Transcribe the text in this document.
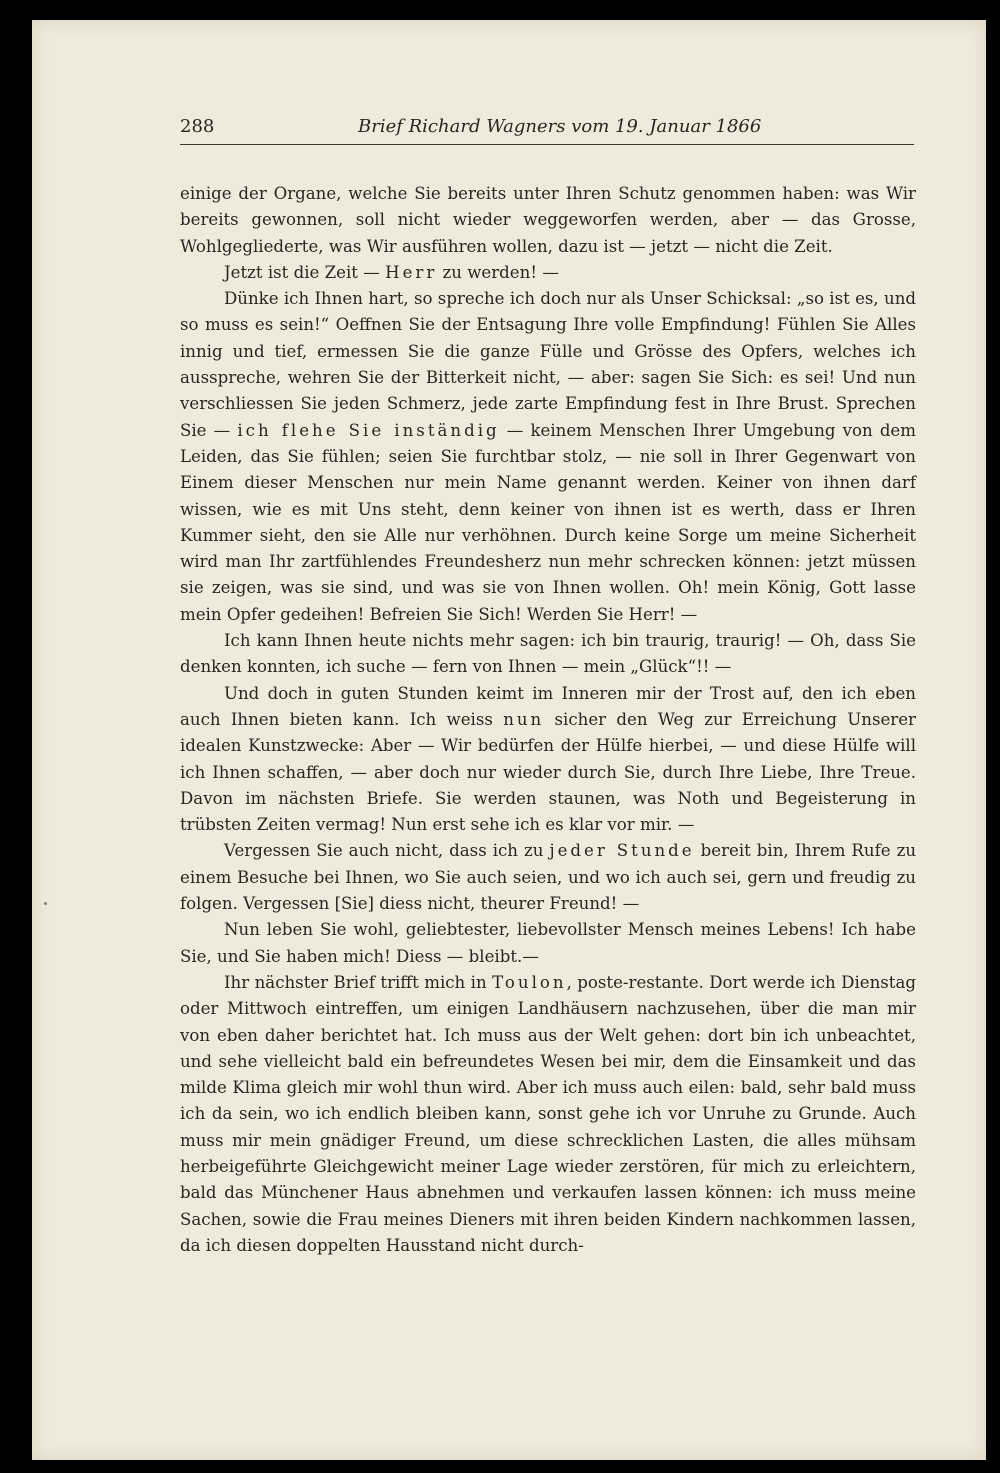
288	Brief Richard Wagners vom 19. Januar 1866

einige der Organe, welche Sie bereits unter Ihren Schutz genommen haben: was Wir bereits gewonnen, soll nicht wieder weggeworfen werden, aber — das Grosse, Wohlgegliederte, was Wir ausführen wollen, dazu ist — jetzt — nicht die Zeit.

Jetzt ist die Zeit — Herr zu werden! —

Dünke ich Ihnen hart, so spreche ich doch nur als Unser Schicksal: „so ist es, und so muss es sein!“ Oeffnen Sie der Entsagung Ihre volle Empfindung! Fühlen Sie Alles innig und tief, ermessen Sie die ganze Fülle und Grösse des Opfers, welches ich ausspreche, wehren Sie der Bitterkeit nicht, — aber: sagen Sie Sich: es sei! Und nun verschliessen Sie jeden Schmerz, jede zarte Empfindung fest in Ihre Brust. Sprechen Sie — ich flehe Sie inständig — keinem Menschen Ihrer Umgebung von dem Leiden, das Sie fühlen; seien Sie furchtbar stolz, — nie soll in Ihrer Gegenwart von Einem dieser Menschen nur mein Name genannt werden. Keiner von ihnen darf wissen, wie es mit Uns steht, denn keiner von ihnen ist es werth, dass er Ihren Kummer sieht, den sie Alle nur verhöhnen. Durch keine Sorge um meine Sicherheit wird man Ihr zartfühlendes Freundesherz nun mehr schrecken können: jetzt müssen sie zeigen, was sie sind, und was sie von Ihnen wollen. Oh! mein König, Gott lasse mein Opfer gedeihen! Befreien Sie Sich! Werden Sie Herr! —

Ich kann Ihnen heute nichts mehr sagen: ich bin traurig, traurig! — Oh, dass Sie denken konnten, ich suche — fern von Ihnen — mein „Glück“!! —

Und doch in guten Stunden keimt im Inneren mir der Trost auf, den ich eben auch Ihnen bieten kann. Ich weiss nun sicher den Weg zur Erreichung Unserer idealen Kunstzwecke: Aber — Wir bedürfen der Hülfe hierbei, — und diese Hülfe will ich Ihnen schaffen, — aber doch nur wieder durch Sie, durch Ihre Liebe, Ihre Treue. Davon im nächsten Briefe. Sie werden staunen, was Noth und Begeisterung in trübsten Zeiten vermag! Nun erst sehe ich es klar vor mir. —

Vergessen Sie auch nicht, dass ich zu jeder Stunde bereit bin, Ihrem Rufe zu einem Besuche bei Ihnen, wo Sie auch seien, und wo ich auch sei, gern und freudig zu folgen. Vergessen [Sie] diess nicht, theurer Freund! —

Nun leben Sie wohl, geliebtester, liebevollster Mensch meines Lebens! Ich habe Sie, und Sie haben mich! Diess — bleibt.—

Ihr nächster Brief trifft mich in Toulon, poste-restante. Dort werde ich Dienstag oder Mittwoch eintreffen, um einigen Landhäusern nachzusehen, über die man mir von eben daher berichtet hat. Ich muss aus der Welt gehen: dort bin ich unbeachtet, und sehe vielleicht bald ein befreundetes Wesen bei mir, dem die Einsamkeit und das milde Klima gleich mir wohl thun wird. Aber ich muss auch eilen: bald, sehr bald muss ich da sein, wo ich endlich bleiben kann, sonst gehe ich vor Unruhe zu Grunde. Auch muss mir mein gnädiger Freund, um diese schrecklichen Lasten, die alles mühsam herbeigeführte Gleichgewicht meiner Lage wieder zerstören, für mich zu erleichtern, bald das Münchener Haus abnehmen und verkaufen lassen können: ich muss meine Sachen, sowie die Frau meines Dieners mit ihren beiden Kindern nachkommen lassen, da ich diesen doppelten Hausstand nicht durch-
